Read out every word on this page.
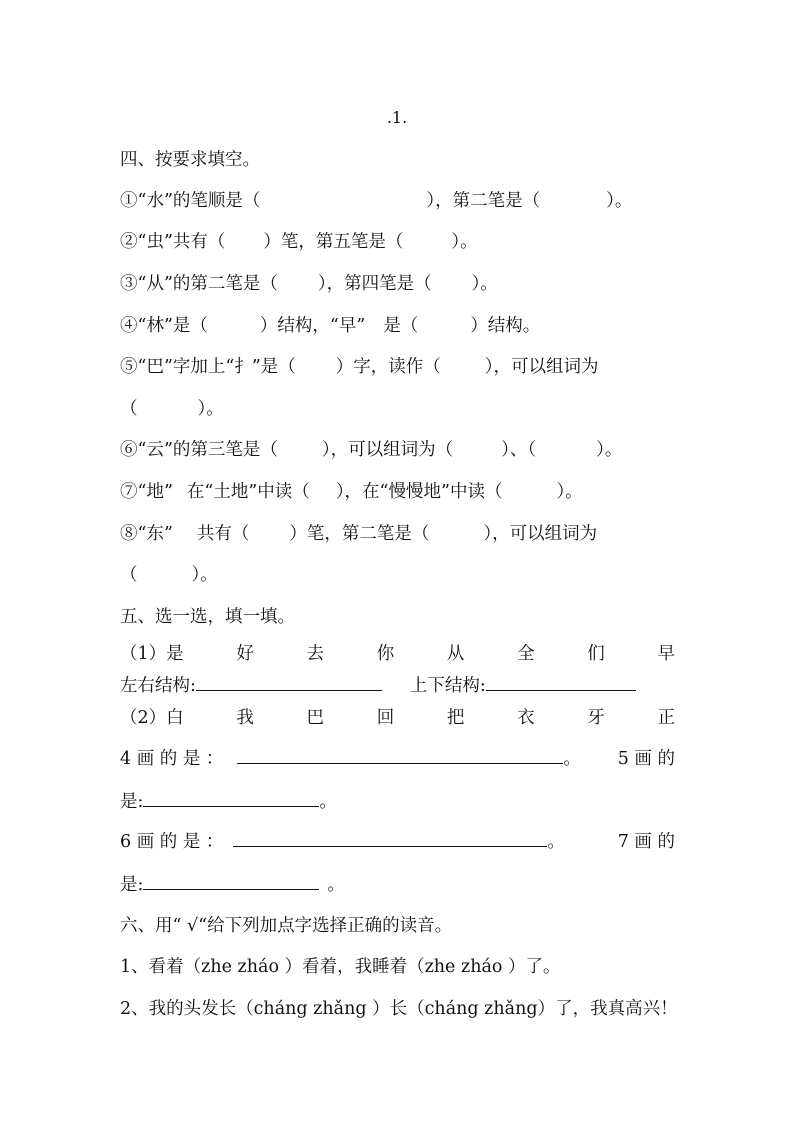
.1.
四、按要求填空。
①“水”的笔顺是（	），第二笔是（	）。
②“虫”共有（ ）笔，第五笔是（	）。
③“从”的第二笔是（ ），第四笔是（ ）。
④“林”是（	）结构，“早” 是（	）结构。
⑤“巴”字加上“扌”是（ ）字，读作（	），可以组词为
（	）。
⑥“云”的第三笔是（	），可以组词为（	）、（	）。
⑦“地” 在“土地”中读（ ），在“慢慢地”中读（	）。
⑧“东” 共有（ ）笔，第二笔是（	），可以组词为
（	）。
五、选一选，填一填。
（1）是	好	去	你	从	全	们	早
左右结构:	上下结构:
（2）白	我	巴	回	把	衣	牙	正
4 画 的 是 ：	。 5 画 的
是:	。
6 画 的 是 ：	。	7 画 的
是:	。
六、用“ √“给下列加点字选择正确的读音。
1、看着（zhe zháo ）看着，我睡着（zhe zháo ）了。
2、我的头发长（cháng zhǎng ）长（cháng zhǎng）了，我真高兴！
